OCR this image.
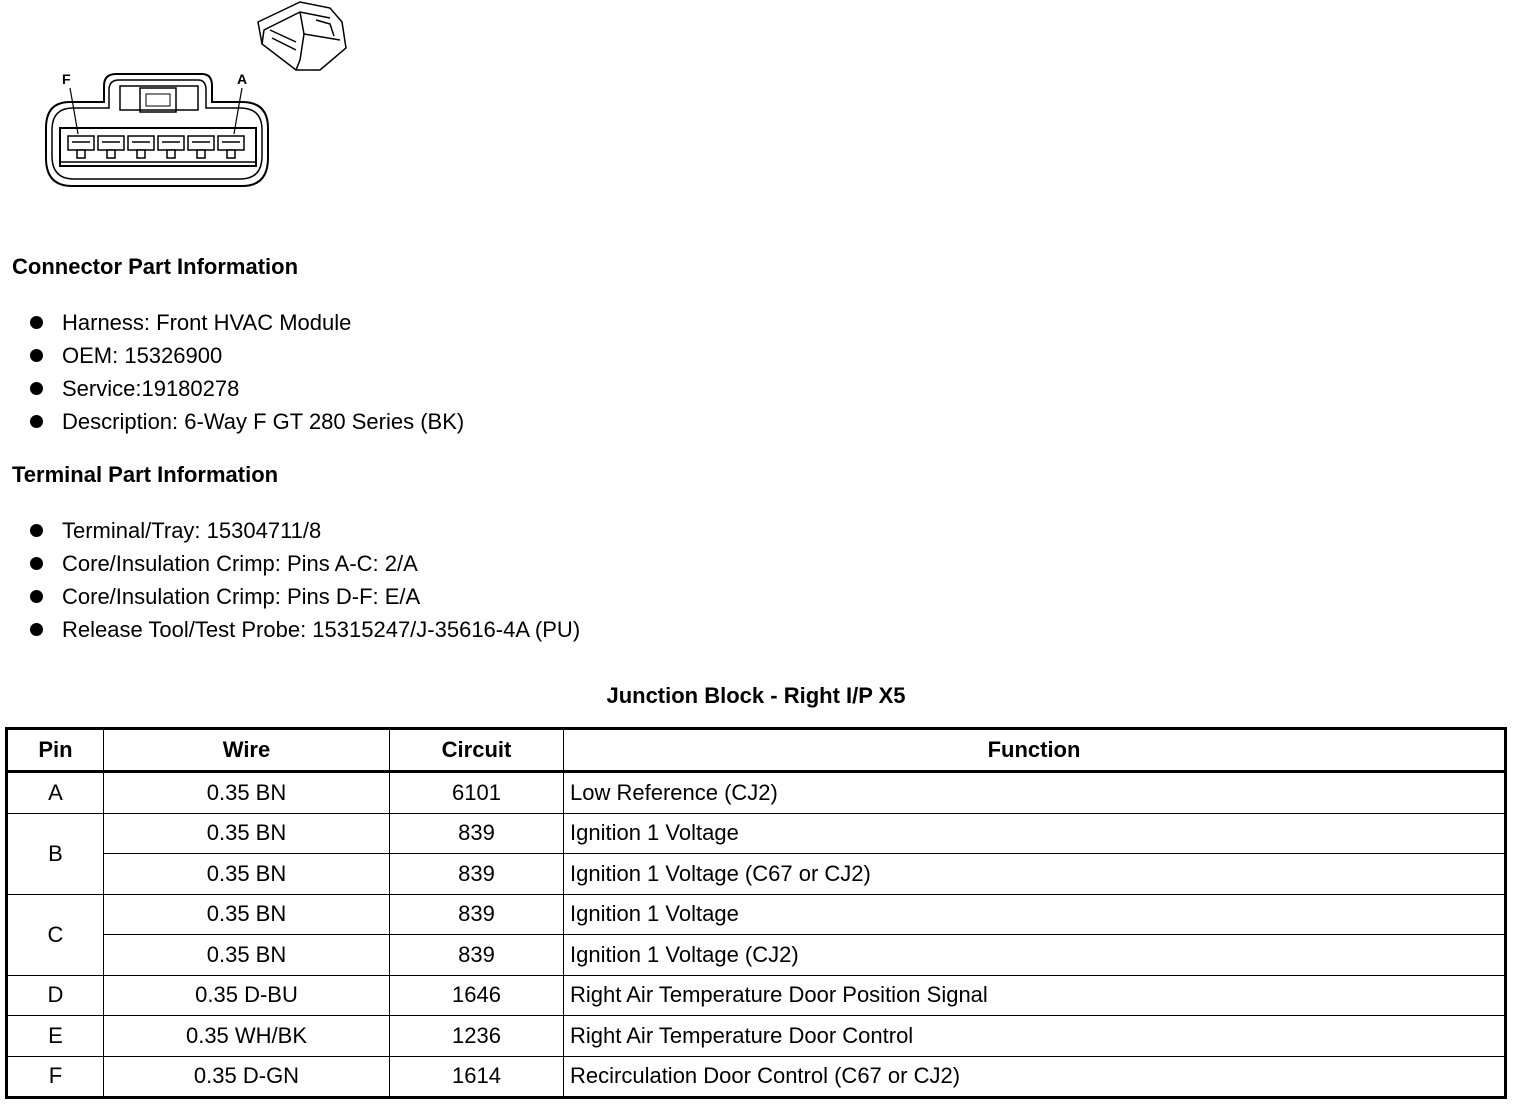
F	A
Connector Part Information
Harness: Front HVAC Module
OEM: 15326900
Service:19180278
Description: 6-Way F GT 280 Series (BK)
Terminal Part Information
Terminal/Tray: 15304711/8
Core/Insulation Crimp: Pins A-C: 2/A
Core/Insulation Crimp: Pins D-F: E/A
Release Tool/Test Probe: 15315247/J-35616-4A (PU)
Junction Block - Right I/P X5
Pin	Wire	Circuit	Function
A	0.35 BN	6101	Low Reference (CJ2)
B	0.35 BN	839	Ignition 1 Voltage
	0.35 BN	839	Ignition 1 Voltage (C67 or CJ2)
C	0.35 BN	839	Ignition 1 Voltage
	0.35 BN	839	Ignition 1 Voltage (CJ2)
D	0.35 D-BU	1646	Right Air Temperature Door Position Signal
E	0.35 WH/BK	1236	Right Air Temperature Door Control
F	0.35 D-GN	1614	Recirculation Door Control (C67 or CJ2)
